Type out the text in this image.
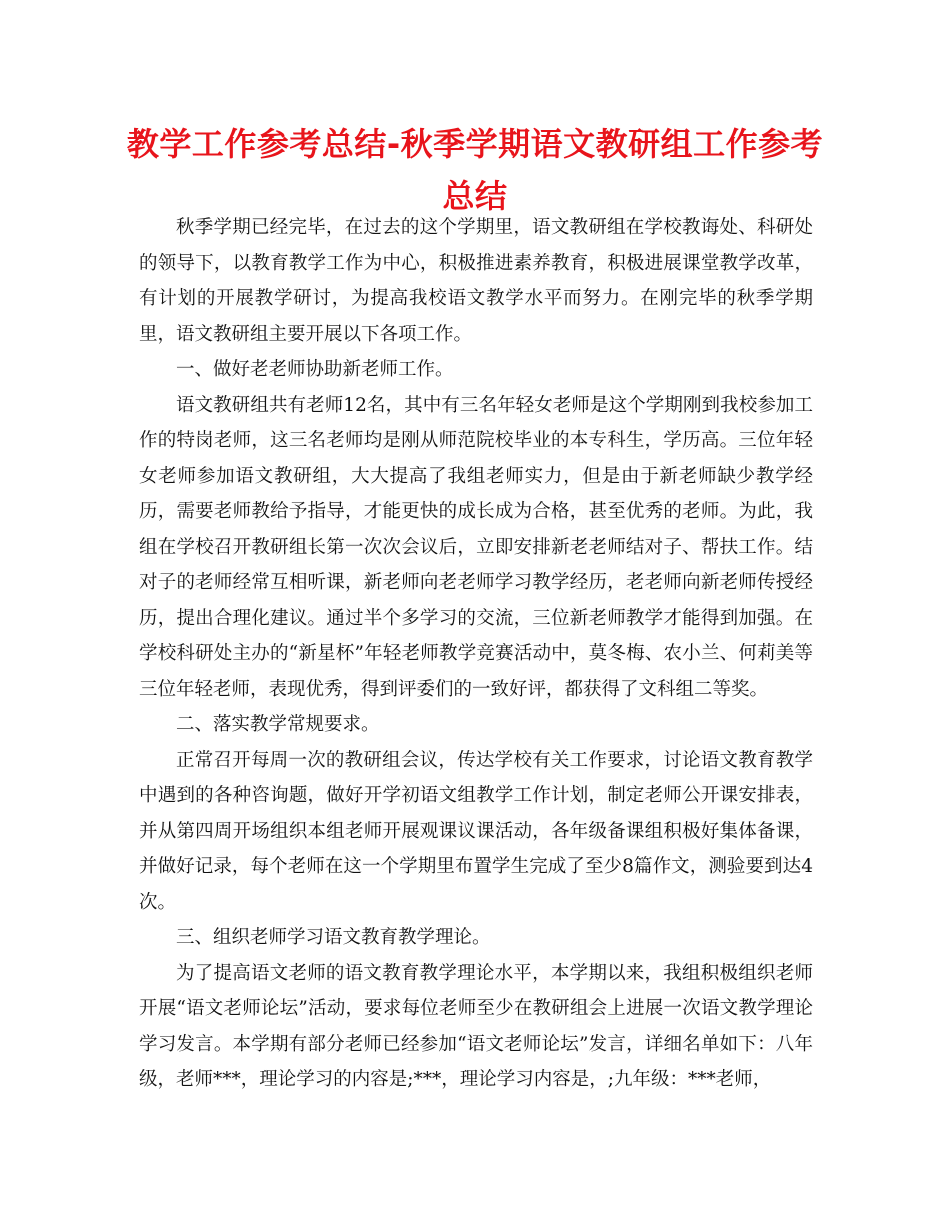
教学工作参考总结-秋季学期语文教研组工作参考总结

秋季学期已经完毕，在过去的这个学期里，语文教研组在学校教诲处、科研处的领导下，以教育教学工作为中心，积极推进素养教育，积极进展课堂教学改革，有计划的开展教学研讨，为提高我校语文教学水平而努力。在刚完毕的秋季学期里，语文教研组主要开展以下各项工作。

一、做好老老师协助新老师工作。

语文教研组共有老师12名，其中有三名年轻女老师是这个学期刚到我校参加工作的特岗老师，这三名老师均是刚从师范院校毕业的本专科生，学历高。三位年轻女老师参加语文教研组，大大提高了我组老师实力，但是由于新老师缺少教学经历，需要老师教给予指导，才能更快的成长成为合格，甚至优秀的老师。为此，我组在学校召开教研组长第一次次会议后，立即安排新老老师结对子、帮扶工作。结对子的老师经常互相听课，新老师向老老师学习教学经历，老老师向新老师传授经历，提出合理化建议。通过半个多学习的交流，三位新老师教学才能得到加强。在学校科研处主办的“新星杯”年轻老师教学竞赛活动中，莫冬梅、农小兰、何莉美等三位年轻老师，表现优秀，得到评委们的一致好评，都获得了文科组二等奖。

二、落实教学常规要求。

正常召开每周一次的教研组会议，传达学校有关工作要求，讨论语文教育教学中遇到的各种咨询题，做好开学初语文组教学工作计划，制定老师公开课安排表，并从第四周开场组织本组老师开展观课议课活动，各年级备课组积极好集体备课，并做好记录，每个老师在这一个学期里布置学生完成了至少8篇作文，测验要到达4次。

三、组织老师学习语文教育教学理论。

为了提高语文老师的语文教育教学理论水平，本学期以来，我组积极组织老师开展“语文老师论坛”活动，要求每位老师至少在教研组会上进展一次语文教学理论学习发言。本学期有部分老师已经参加“语文老师论坛”发言，详细名单如下：八年级，老师***，理论学习的内容是;***，理论学习内容是，;九年级：***老师，
